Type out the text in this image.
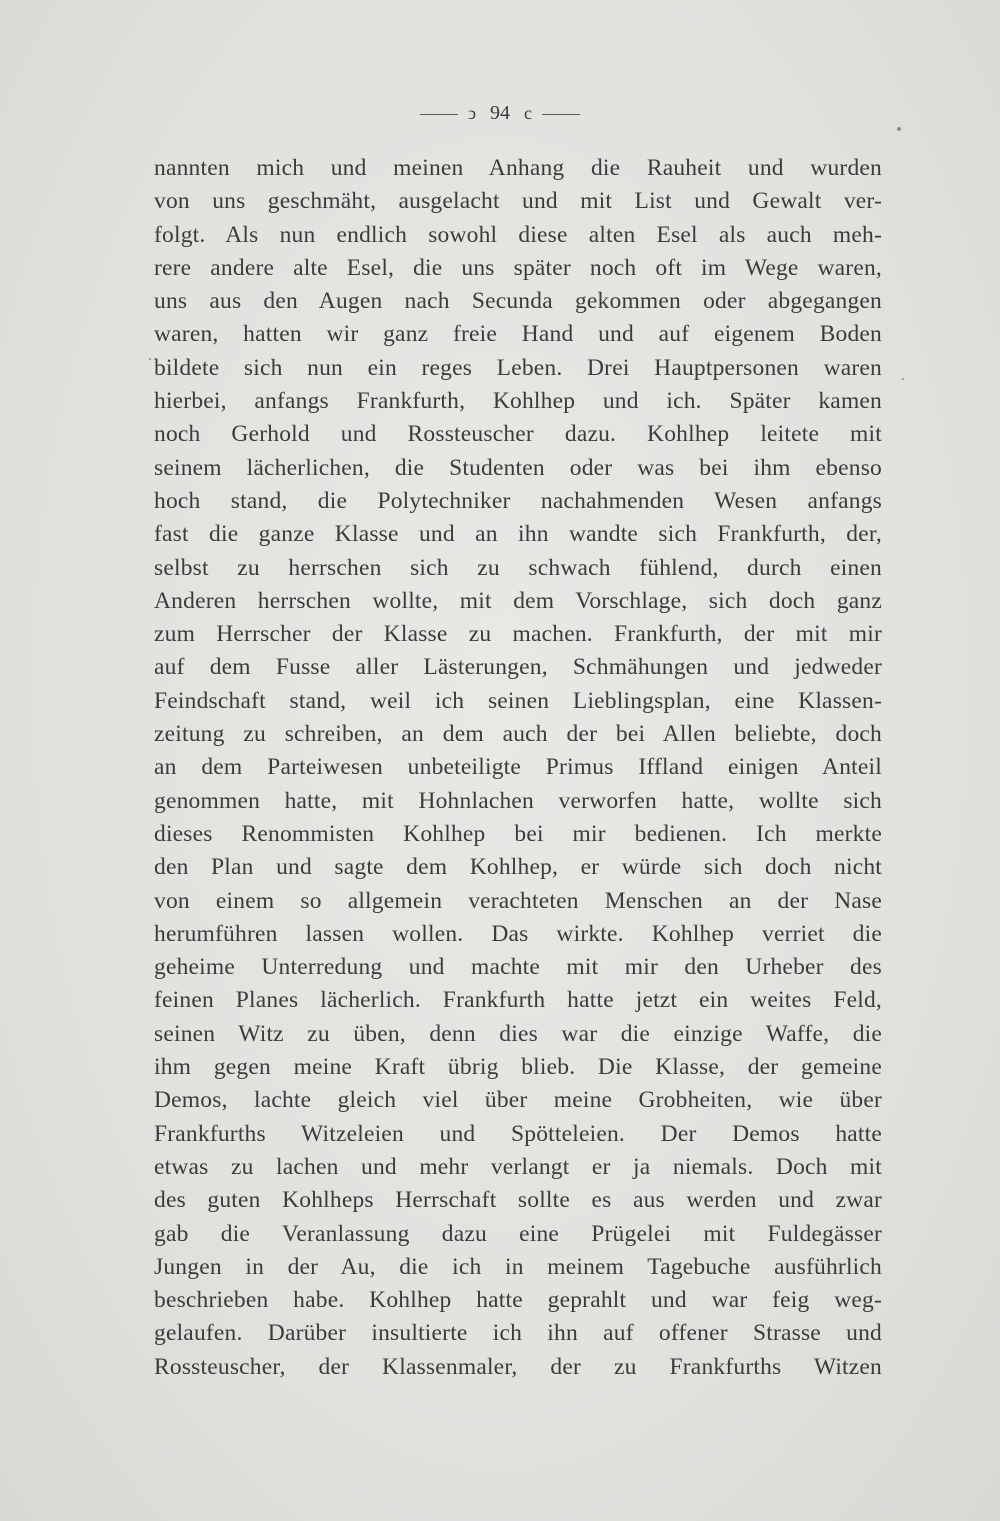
ↄ 94 c
nannten mich und meinen Anhang die Rauheit und wurden
von uns geschmäht, ausgelacht und mit List und Gewalt ver-
folgt. Als nun endlich sowohl diese alten Esel als auch meh-
rere andere alte Esel, die uns später noch oft im Wege waren,
uns aus den Augen nach Secunda gekommen oder abgegangen
waren, hatten wir ganz freie Hand und auf eigenem Boden
bildete sich nun ein reges Leben. Drei Hauptpersonen waren
hierbei, anfangs Frankfurth, Kohlhep und ich. Später kamen
noch Gerhold und Rossteuscher dazu. Kohlhep leitete mit
seinem lächerlichen, die Studenten oder was bei ihm ebenso
hoch stand, die Polytechniker nachahmenden Wesen anfangs
fast die ganze Klasse und an ihn wandte sich Frankfurth, der,
selbst zu herrschen sich zu schwach fühlend, durch einen
Anderen herrschen wollte, mit dem Vorschlage, sich doch ganz
zum Herrscher der Klasse zu machen. Frankfurth, der mit mir
auf dem Fusse aller Lästerungen, Schmähungen und jedweder
Feindschaft stand, weil ich seinen Lieblingsplan, eine Klassen-
zeitung zu schreiben, an dem auch der bei Allen beliebte, doch
an dem Parteiwesen unbeteiligte Primus Iffland einigen Anteil
genommen hatte, mit Hohnlachen verworfen hatte, wollte sich
dieses Renommisten Kohlhep bei mir bedienen. Ich merkte
den Plan und sagte dem Kohlhep, er würde sich doch nicht
von einem so allgemein verachteten Menschen an der Nase
herumführen lassen wollen. Das wirkte. Kohlhep verriet die
geheime Unterredung und machte mit mir den Urheber des
feinen Planes lächerlich. Frankfurth hatte jetzt ein weites Feld,
seinen Witz zu üben, denn dies war die einzige Waffe, die
ihm gegen meine Kraft übrig blieb. Die Klasse, der gemeine
Demos, lachte gleich viel über meine Grobheiten, wie über
Frankfurths Witzeleien und Spötteleien. Der Demos hatte
etwas zu lachen und mehr verlangt er ja niemals. Doch mit
des guten Kohlheps Herrschaft sollte es aus werden und zwar
gab die Veranlassung dazu eine Prügelei mit Fuldegässer
Jungen in der Au, die ich in meinem Tagebuche ausführlich
beschrieben habe. Kohlhep hatte geprahlt und war feig weg-
gelaufen. Darüber insultierte ich ihn auf offener Strasse und
Rossteuscher, der Klassenmaler, der zu Frankfurths Witzen
